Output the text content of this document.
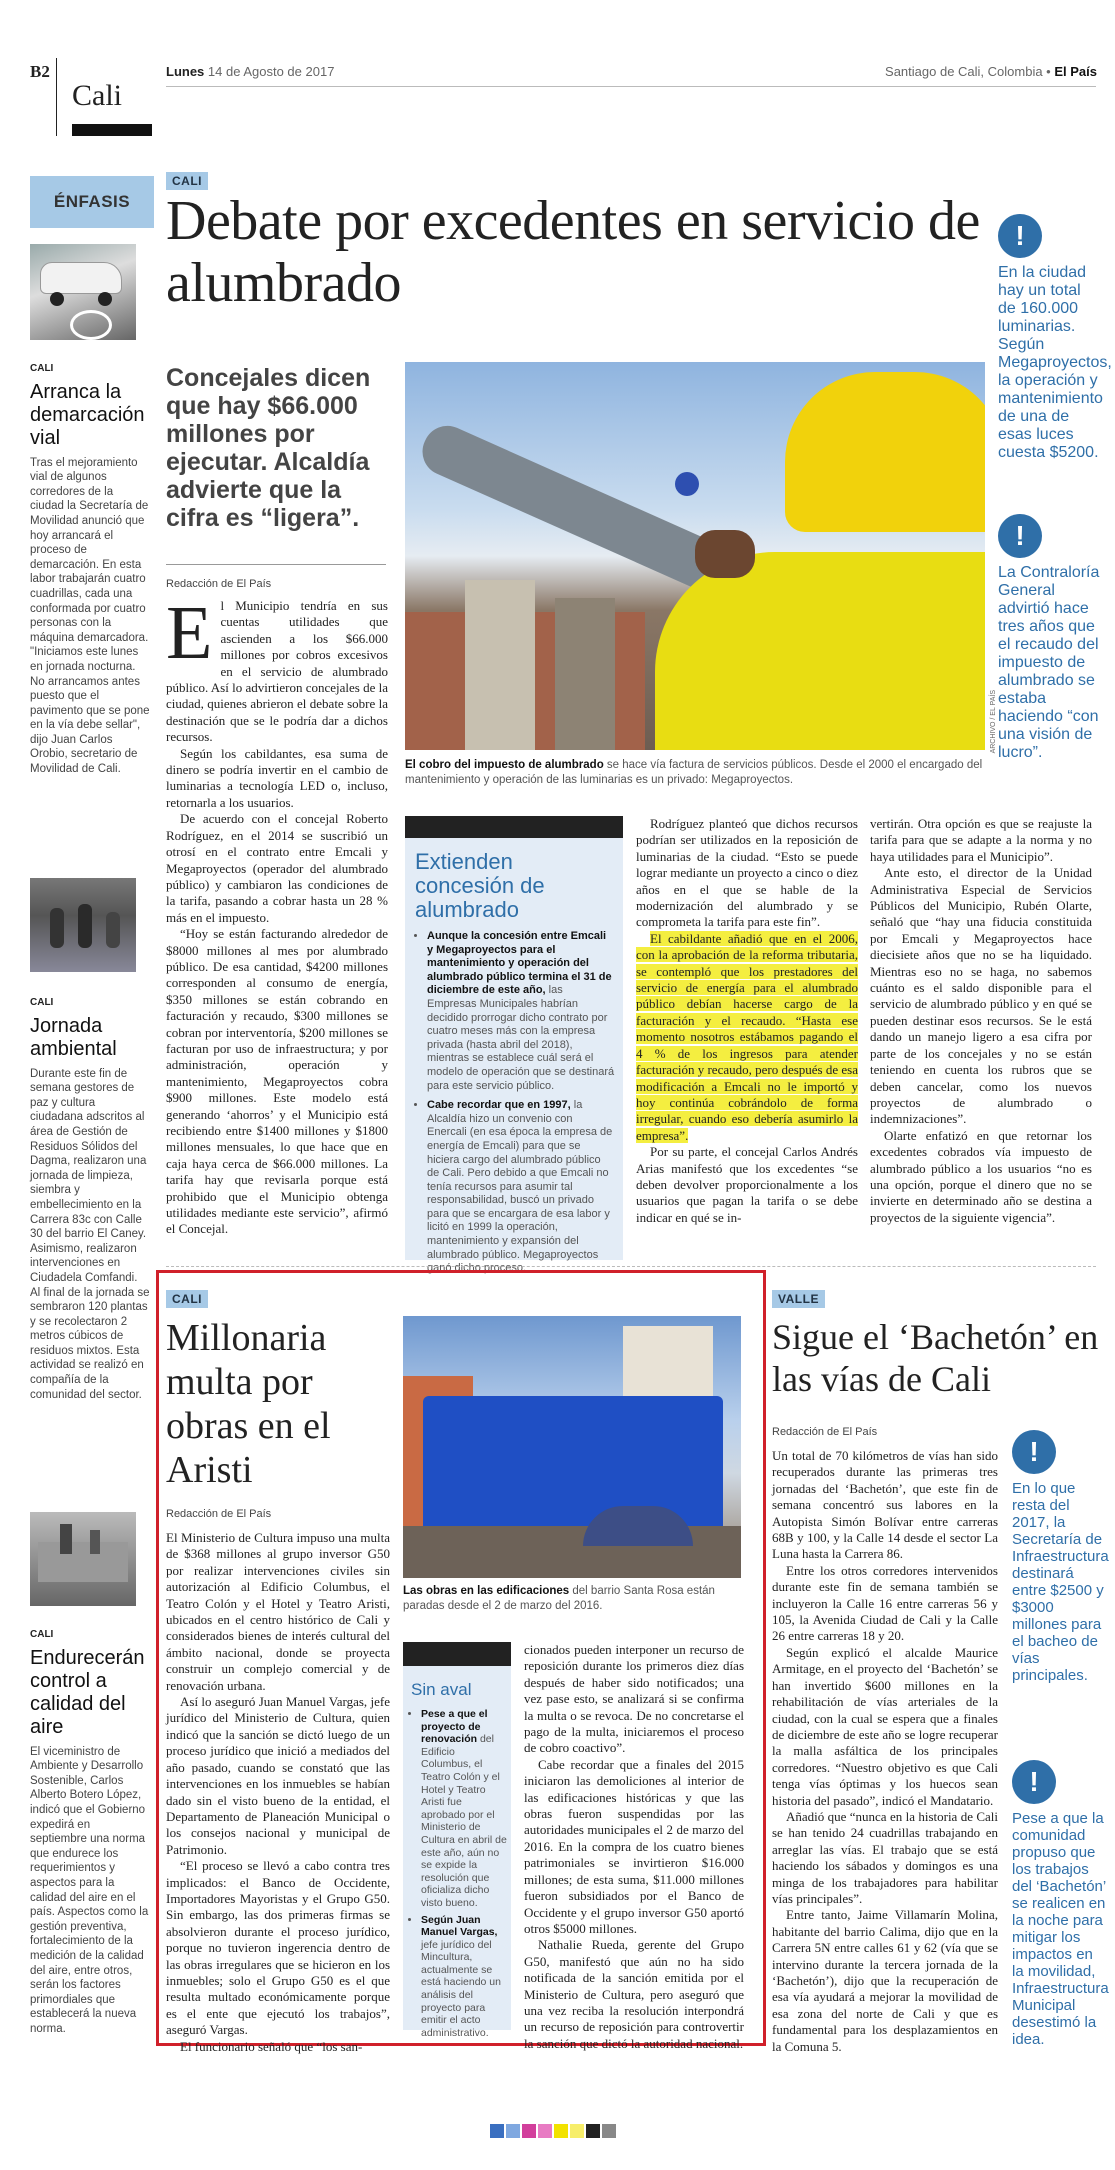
B2
Cali
Lunes 14 de Agosto de 2017	Santiago de Cali, Colombia • El País
ÉNFASIS
CALI
Arranca la demarcación vial

Tras el mejoramiento vial de algunos corredores de la ciudad la Secretaría de Movilidad anunció que hoy arrancará el proceso de demarcación. En esta labor trabajarán cuatro cuadrillas, cada una conformada por cuatro personas con la máquina demarcadora. "Iniciamos este lunes en jornada nocturna. No arrancamos antes puesto que el pavimento que se pone en la vía debe sellar", dijo Juan Carlos Orobio, secretario de Movilidad de Cali.

CALI
Jornada ambiental

Durante este fin de semana gestores de paz y cultura ciudadana adscritos al área de Gestión de Residuos Sólidos del Dagma, realizaron una jornada de limpieza, siembra y embellecimiento en la Carrera 83c con Calle 30 del barrio El Caney. Asimismo, realizaron intervenciones en Ciudadela Comfandi. Al final de la jornada se sembraron 120 plantas y se recolectaron 2 metros cúbicos de residuos mixtos. Esta actividad se realizó en compañía de la comunidad del sector.

CALI
Endurecerán control a calidad del aire

El viceministro de Ambiente y Desarrollo Sostenible, Carlos Alberto Botero López, indicó que el Gobierno expedirá en septiembre una norma que endurece los requerimientos y aspectos para la calidad del aire en el país. Aspectos como la gestión preventiva, fortalecimiento de la medición de la calidad del aire, entre otros, serán los factores primordiales que establecerá la nueva norma.

CALI
Debate por excedentes en servicio de alumbrado
Concejales dicen que hay $66.000 millones por ejecutar. Alcaldía advierte que la cifra es “ligera”.
Redacción de El País
E l Municipio tendría en sus cuentas utilidades que ascienden a los $66.000 millones por cobros excesivos en el servicio de alumbrado público. Así lo advirtieron concejales de la ciudad, quienes abrieron el debate sobre la destinación que se le podría dar a dichos recursos.

Según los cabildantes, esa suma de dinero se podría invertir en el cambio de luminarias a tecnología LED o, incluso, retornarla a los usuarios.

De acuerdo con el concejal Roberto Rodríguez, en el 2014 se suscribió un otrosí en el contrato entre Emcali y Megaproyectos (operador del alumbrado público) y cambiaron las condiciones de la tarifa, pasando a cobrar hasta un 28 % más en el impuesto.

“Hoy se están facturando alrededor de $8000 millones al mes por alumbrado público. De esa cantidad, $4200 millones corresponden al consumo de energía, $350 millones se están cobrando en facturación y recaudo, $300 millones se cobran por interventoría, $200 millones se facturan por uso de infraestructura; y por administración, operación y mantenimiento, Megaproyectos cobra $900 millones. Este modelo está generando ‘ahorros’ y el Municipio está recibiendo entre $1400 millones y $1800 millones mensuales, lo que hace que en caja haya cerca de $66.000 millones. La tarifa hay que revisarla porque está prohibido que el Municipio obtenga utilidades mediante este servicio”, afirmó el Concejal.

ARCHIVO / EL PAÍS
El cobro del impuesto de alumbrado se hace vía factura de servicios públicos. Desde el 2000 el encargado del mantenimiento y operación de las luminarias es un privado: Megaproyectos.
Extienden concesión de alumbrado
• Aunque la concesión entre Emcali y Megaproyectos para el mantenimiento y operación del alumbrado público termina el 31 de diciembre de este año, las Empresas Municipales habrían decidido prorrogar dicho contrato por cuatro meses más con la empresa privada (hasta abril del 2018), mientras se establece cuál será el modelo de operación que se destinará para este servicio público.
• Cabe recordar que en 1997, la Alcaldía hizo un convenio con Enercali (en esa época la empresa de energía de Emcali) para que se hiciera cargo del alumbrado público de Cali. Pero debido a que Emcali no tenía recursos para asumir tal responsabilidad, buscó un privado para que se encargara de esa labor y licitó en 1999 la operación, mantenimiento y expansión del alumbrado público. Megaproyectos ganó dicho proceso.

Rodríguez planteó que dichos recursos podrían ser utilizados en la reposición de luminarias de la ciudad. “Esto se puede lograr mediante un proyecto a cinco o diez años en el que se hable de la modernización del alumbrado y se comprometa la tarifa para este fin”.

El cabildante añadió que en el 2006, con la aprobación de la reforma tributaria, se contempló que los prestadores del servicio de energía para el alumbrado público debían hacerse cargo de la facturación y el recaudo. “Hasta ese momento nosotros estábamos pagando el 4 % de los ingresos para atender facturación y recaudo, pero después de esa modificación a Emcali no le importó y hoy continúa cobrándolo de forma irregular, cuando eso debería asumirlo la empresa”.

Por su parte, el concejal Carlos Andrés Arias manifestó que los excedentes “se deben devolver proporcionalmente a los usuarios que pagan la tarifa o se debe indicar en qué se in-

vertirán. Otra opción es que se reajuste la tarifa para que se adapte a la norma y no haya utilidades para el Municipio”.

Ante esto, el director de la Unidad Administrativa Especial de Servicios Públicos del Municipio, Rubén Olarte, señaló que “hay una fiducia constituida por Emcali y Megaproyectos hace diecisiete años que no se ha liquidado. Mientras eso no se haga, no sabemos cuánto es el saldo disponible para el servicio de alumbrado público y en qué se pueden destinar esos recursos. Se le está dando un manejo ligero a esa cifra por parte de los concejales y no se están teniendo en cuenta los rubros que se deben cancelar, como los nuevos proyectos de alumbrado o indemnizaciones”.

Olarte enfatizó en que retornar los excedentes cobrados vía impuesto de alumbrado público a los usuarios “no es una opción, porque el dinero que no se invierte en determinado año se destina a proyectos de la siguiente vigencia”.

!
En la ciudad hay un total de 160.000 luminarias. Según Megaproyectos, la operación y mantenimiento de una de esas luces cuesta $5200.
!
La Contraloría General advirtió hace tres años que el recaudo del impuesto de alumbrado se estaba haciendo “con una visión de lucro”.
CALI
Millonaria multa por obras en el Aristi
Redacción de El País

El Ministerio de Cultura impuso una multa de $368 millones al grupo inversor G50 por realizar intervenciones civiles sin autorización al Edificio Columbus, el Teatro Colón y el Hotel y Teatro Aristi, ubicados en el centro histórico de Cali y considerados bienes de interés cultural del ámbito nacional, donde se proyecta construir un complejo comercial y de renovación urbana.

Así lo aseguró Juan Manuel Vargas, jefe jurídico del Ministerio de Cultura, quien indicó que la sanción se dictó luego de un proceso jurídico que inició a mediados del año pasado, cuando se constató que las intervenciones en los inmuebles se habían dado sin el visto bueno de la entidad, el Departamento de Planeación Municipal o los consejos nacional y municipal de Patrimonio.

“El proceso se llevó a cabo contra tres implicados: el Banco de Occidente, Importadores Mayoristas y el Grupo G50. Sin embargo, las dos primeras firmas se absolvieron durante el proceso jurídico, porque no tuvieron ingerencia dentro de las obras irregulares que se hicieron en los inmuebles; solo el Grupo G50 es el que resulta multado económicamente porque es el ente que ejecutó los trabajos”, aseguró Vargas.

El funcionario señaló que “los san-

Las obras en las edificaciones del barrio Santa Rosa están paradas desde el 2 de marzo del 2016.
Sin aval
• Pese a que el proyecto de renovación del Edificio Columbus, el Teatro Colón y el Hotel y Teatro Aristi fue aprobado por el Ministerio de Cultura en abril de este año, aún no se expide la resolución que oficializa dicho visto bueno.
• Según Juan Manuel Vargas, jefe jurídico del Mincultura, actualmente se está haciendo un análisis del proyecto para emitir el acto administrativo.

cionados pueden interponer un recurso de reposición durante los primeros diez días después de haber sido notificados; una vez pase esto, se analizará si se confirma la multa o se revoca. De no concretarse el pago de la multa, iniciaremos el proceso de cobro coactivo”.

Cabe recordar que a finales del 2015 iniciaron las demoliciones al interior de las edificaciones históricas y que las obras fueron suspendidas por las autoridades municipales el 2 de marzo del 2016. En la compra de los cuatro bienes patrimoniales se invirtieron $16.000 millones; de esta suma, $11.000 millones fueron subsidiados por el Banco de Occidente y el grupo inversor G50 aportó otros $5000 millones.

Nathalie Rueda, gerente del Grupo G50, manifestó que aún no ha sido notificada de la sanción emitida por el Ministerio de Cultura, pero aseguró que una vez reciba la resolución interpondrá un recurso de reposición para controvertir la sanción que dictó la autoridad nacional.

VALLE
Sigue el ‘Bachetón’ en las vías de Cali
Redacción de El País

Un total de 70 kilómetros de vías han sido recuperados durante las primeras tres jornadas del ‘Bachetón’, que este fin de semana concentró sus labores en la Autopista Simón Bolívar entre carreras 68B y 100, y la Calle 14 desde el sector La Luna hasta la Carrera 86.

Entre los otros corredores intervenidos durante este fin de semana también se incluyeron la Calle 16 entre carreras 56 y 105, la Avenida Ciudad de Cali y la Calle 26 entre carreras 18 y 20.

Según explicó el alcalde Maurice Armitage, en el proyecto del ‘Bachetón’ se han invertido $600 millones en la rehabilitación de vías arteriales de la ciudad, con la cual se espera que a finales de diciembre de este año se logre recuperar la malla asfáltica de los principales corredores. “Nuestro objetivo es que Cali tenga vías óptimas y los huecos sean historia del pasado”, indicó el Mandatario.

Añadió que “nunca en la historia de Cali se han tenido 24 cuadrillas trabajando en arreglar las vías. El trabajo que se está haciendo los sábados y domingos es una minga de los trabajadores para habilitar vías principales”.

Entre tanto, Jaime Villamarín Molina, habitante del barrio Calima, dijo que en la Carrera 5N entre calles 61 y 62 (vía que se intervino durante la tercera jornada de la ‘Bachetón’), dijo que la recuperación de esa vía ayudará a mejorar la movilidad de esa zona del norte de Cali y que es fundamental para los desplazamientos en la Comuna 5.

!
En lo que resta del 2017, la Secretaría de Infraestructura destinará entre $2500 y $3000 millones para el bacheo de vías principales.
!
Pese a que la comunidad propuso que los trabajos del ‘Bachetón’ se realicen en la noche para mitigar los impactos en la movilidad, Infraestructura Municipal desestimó la idea.
